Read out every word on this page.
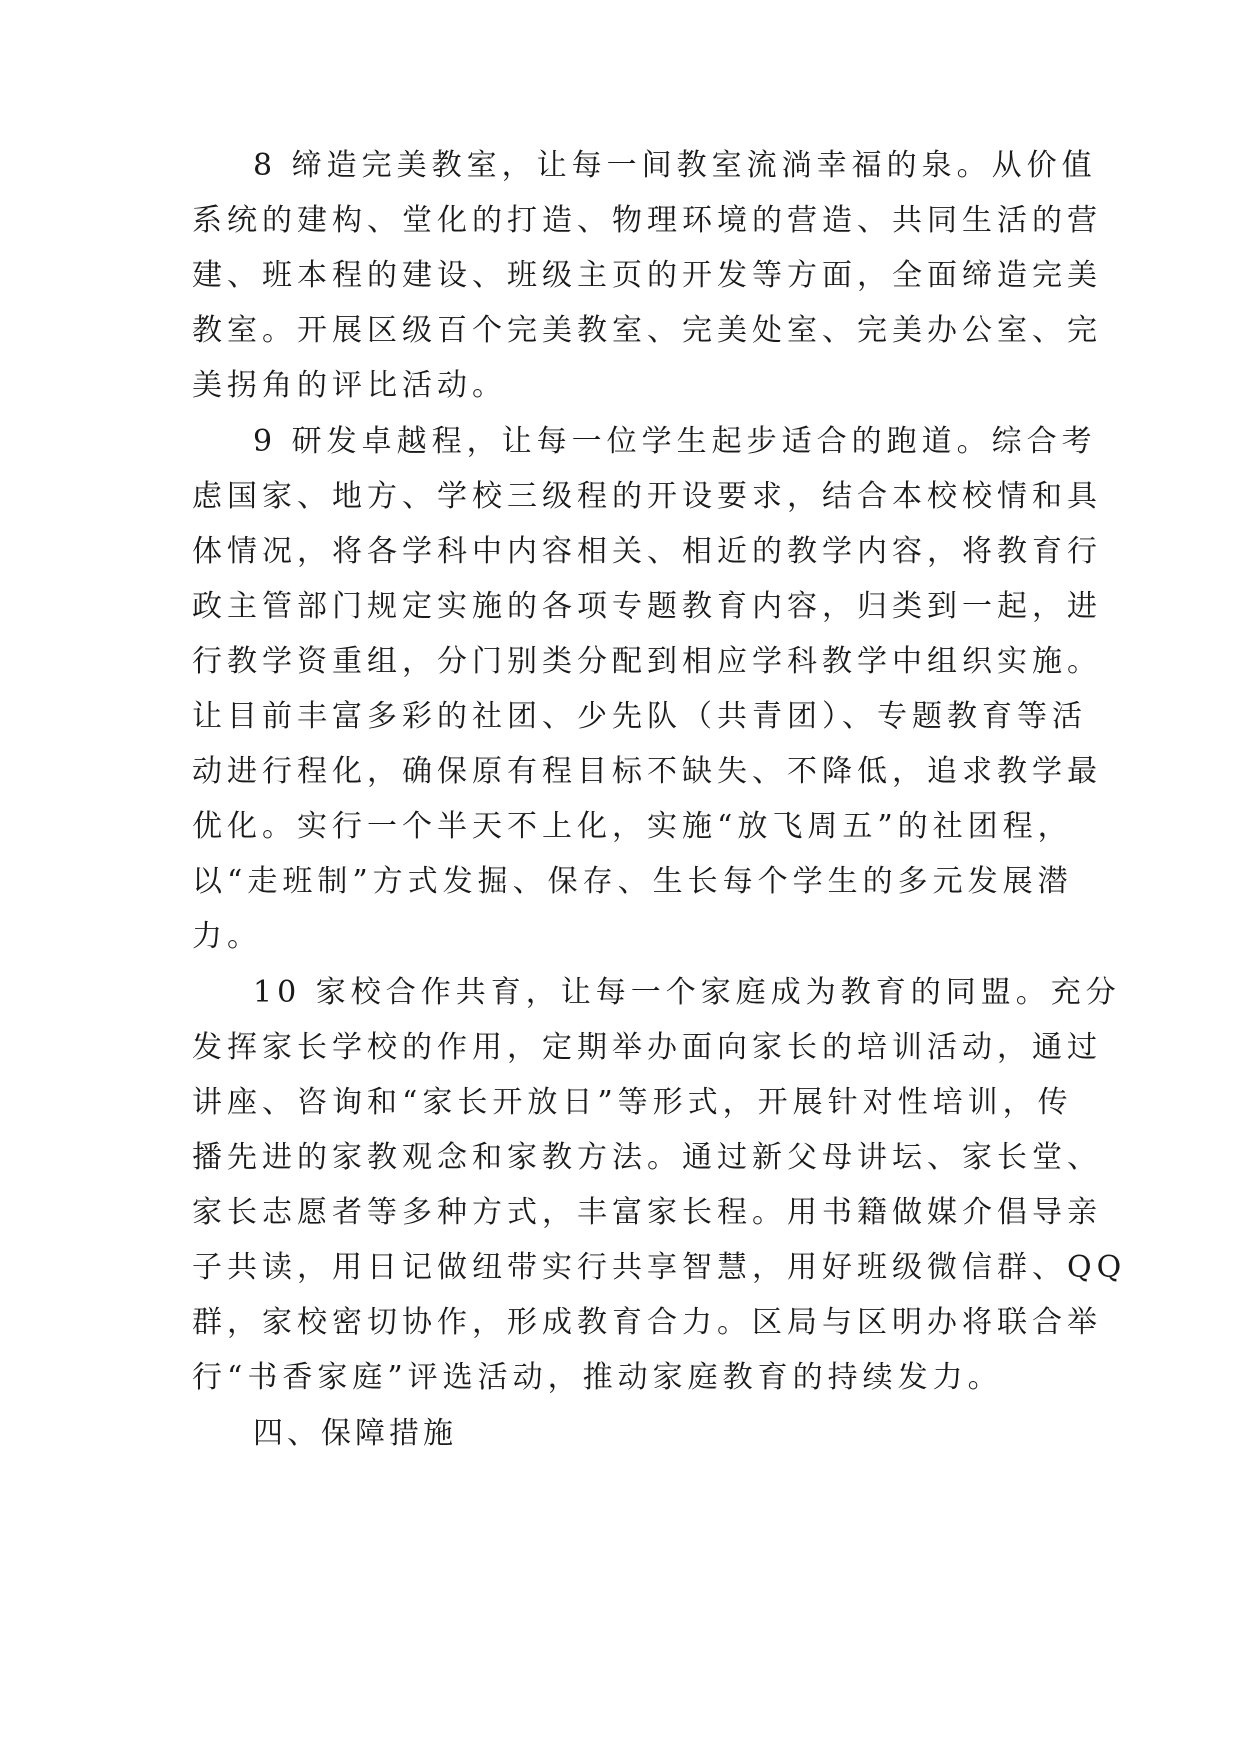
8 缔造完美教室，让每一间教室流淌幸福的泉。从价值
系统的建构、堂化的打造、物理环境的营造、共同生活的营
建、班本程的建设、班级主页的开发等方面，全面缔造完美
教室。开展区级百个完美教室、完美处室、完美办公室、完
美拐角的评比活动。
9 研发卓越程，让每一位学生起步适合的跑道。综合考
虑国家、地方、学校三级程的开设要求，结合本校校情和具
体情况，将各学科中内容相关、相近的教学内容，将教育行
政主管部门规定实施的各项专题教育内容，归类到一起，进
行教学资重组，分门别类分配到相应学科教学中组织实施。
让目前丰富多彩的社团、少先队（共青团）、专题教育等活
动进行程化，确保原有程目标不缺失、不降低，追求教学最
优化。实行一个半天不上化，实施“放飞周五”的社团程，
以“走班制”方式发掘、保存、生长每个学生的多元发展潜
力。
10 家校合作共育，让每一个家庭成为教育的同盟。充分
发挥家长学校的作用，定期举办面向家长的培训活动，通过
讲座、咨询和“家长开放日”等形式，开展针对性培训，传
播先进的家教观念和家教方法。通过新父母讲坛、家长堂、
家长志愿者等多种方式，丰富家长程。用书籍做媒介倡导亲
子共读，用日记做纽带实行共享智慧，用好班级微信群、QQ
群，家校密切协作，形成教育合力。区局与区明办将联合举
行“书香家庭”评选活动，推动家庭教育的持续发力。
四、保障措施
